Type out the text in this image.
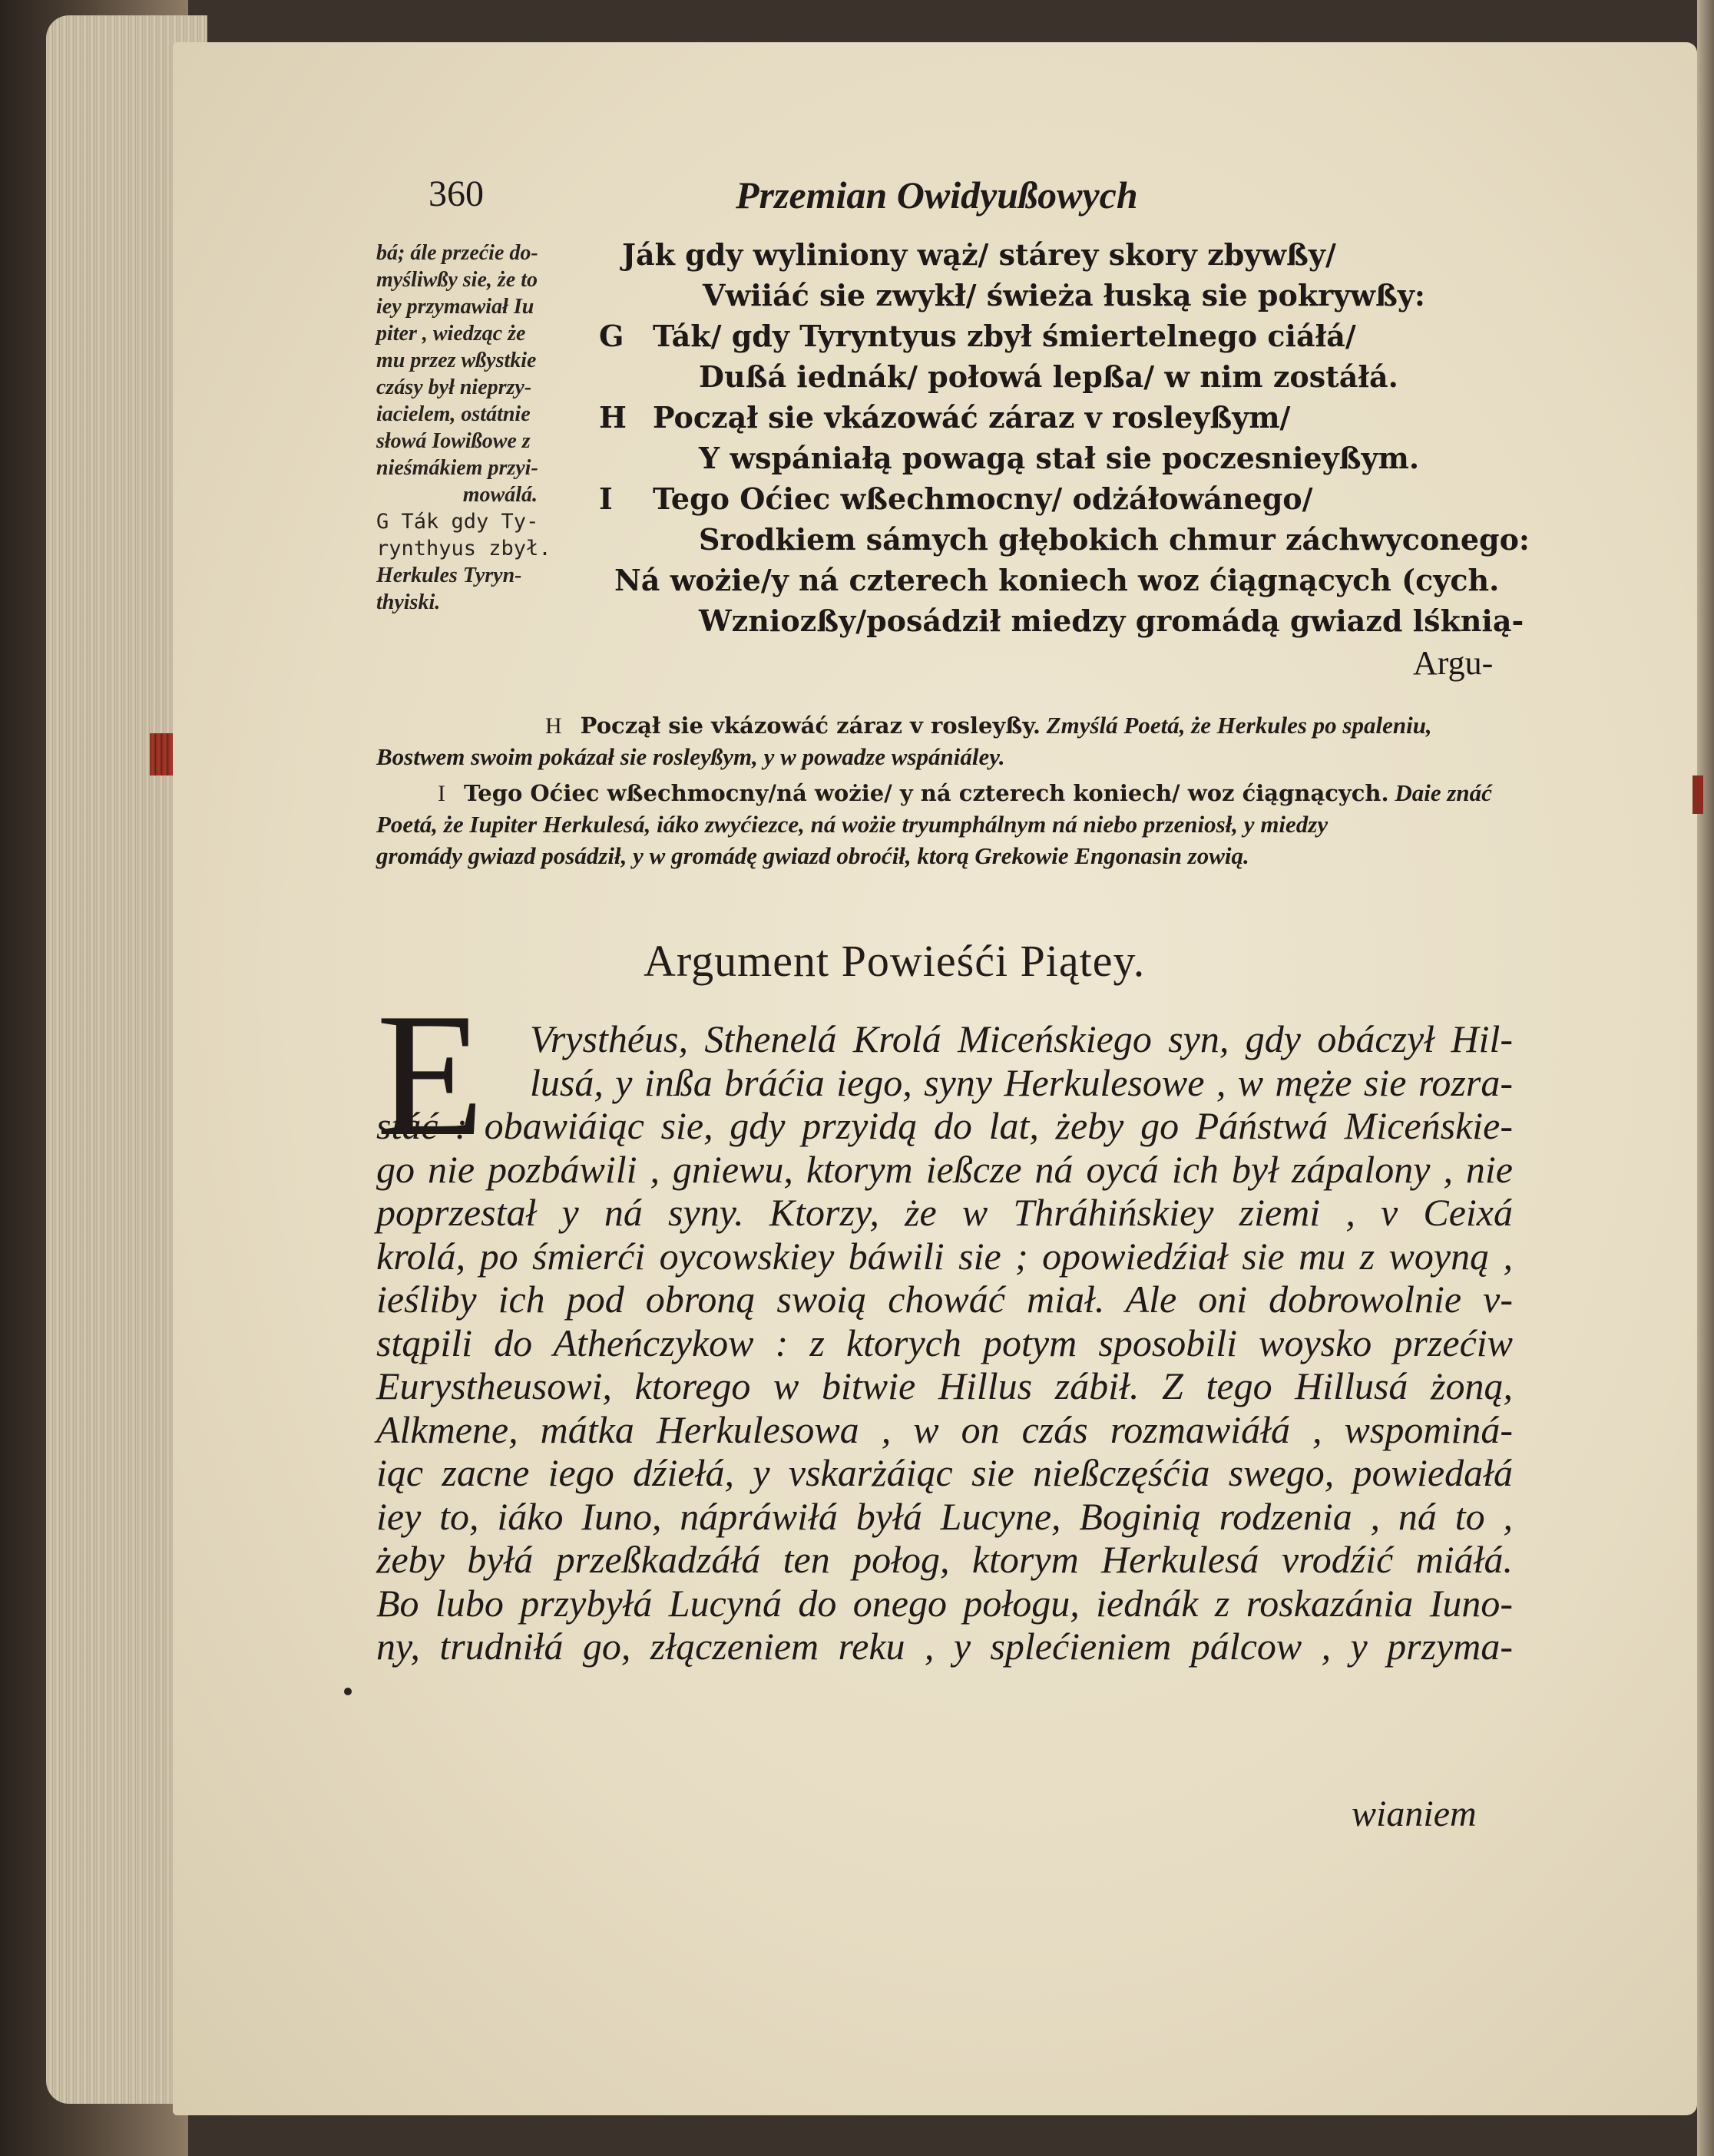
360	Przemian Owidyußowych
bá; ále przećie do-
myśliwßy sie, że to
iey przymawiał Iu
piter , wiedząc że
mu przez wßystkie
czásy był nieprzy-
iacielem, ostátnie
słowá Iowißowe z
nieśmákiem przyi-
mowálá.
G Ták gdy Ty-
rynthyus zbył.
Herkules Tyryn-
thyiski.
Ják gdy wyliniony wąż/ stárey skory zbywßy/
Vwiiáć sie zwykł/ świeża łuską sie pokrywßy:
G Ták/ gdy Tyryntyus zbył śmiertelnego ciáłá/
Dußá iednák/ połowá lepßa/ w nim zostáłá.
H Począł sie vkázowáć záraz v rosleyßym/
Y wspániałą powagą stał sie poczesnieyßym.
I Tego Oćiec wßechmocny/ odżáłowánego/
Srodkiem sámych głębokich chmur záchwyconego:
Ná wożie/y ná czterech koniech woz ćiągnących (cych.
Wzniozßy/posádził miedzy gromádą gwiazd lśknią-
Argu-
H Począł sie vkázowáć záraz v rosleyßy. Zmyślá Poetá, że Herkules po spaleniu,
Bostwem swoim pokázał sie rosleyßym, y w powadze wspániáley.
I Tego Oćiec wßechmocny/ná wożie/ y ná czterech koniech/ woz ćiągnących. Daie znáć
Poetá, że Iupiter Herkulesá, iáko zwyćiezce, ná wożie tryumphálnym ná niebo przeniosł, y miedzy
gromády gwiazd posádził, y w gromádę gwiazd obroćił, ktorą Grekowie Engonasin zowią.
Argument Powieśći Piątey.
E	Vrysthéus, Sthenelá Krolá Miceńskiego syn, gdy obáczył Hil-
lusá, y inßa bráćia iego, syny Herkulesowe , w męże sie rozra-
stáć : obawiáiąc sie, gdy przyidą do lat, żeby go Páństwá Miceńskie-
go nie pozbáwili , gniewu, ktorym ießcze ná oycá ich był zápalony , nie
poprzestał y ná syny. Ktorzy, że w Thráhińskiey ziemi , v Ceixá
krolá, po śmierći oycowskiey báwili sie ; opowiedźiał sie mu z woyną ,
ieśliby ich pod obroną swoią chowáć miał. Ale oni dobrowolnie v-
stąpili do Atheńczykow : z ktorych potym sposobili woysko przećiw
Eurystheusowi, ktorego w bitwie Hillus zábił. Z tego Hillusá żoną,
Alkmene, mátka Herkulesowa , w on czás rozmawiáłá , wspominá-
iąc zacne iego dźiełá, y vskarżáiąc sie nießczęśćia swego, powiedałá
iey to, iáko Iuno, nápráwiłá byłá Lucyne, Boginią rodzenia , ná to ,
żeby byłá przeßkadzáłá ten połog, ktorym Herkulesá vrodźić miáłá.
Bo lubo przybyłá Lucyná do onego połogu, iednák z roskazánia Iuno-
ny, trudniłá go, złączeniem reku , y splećieniem pálcow , y przyma-
wianiem
